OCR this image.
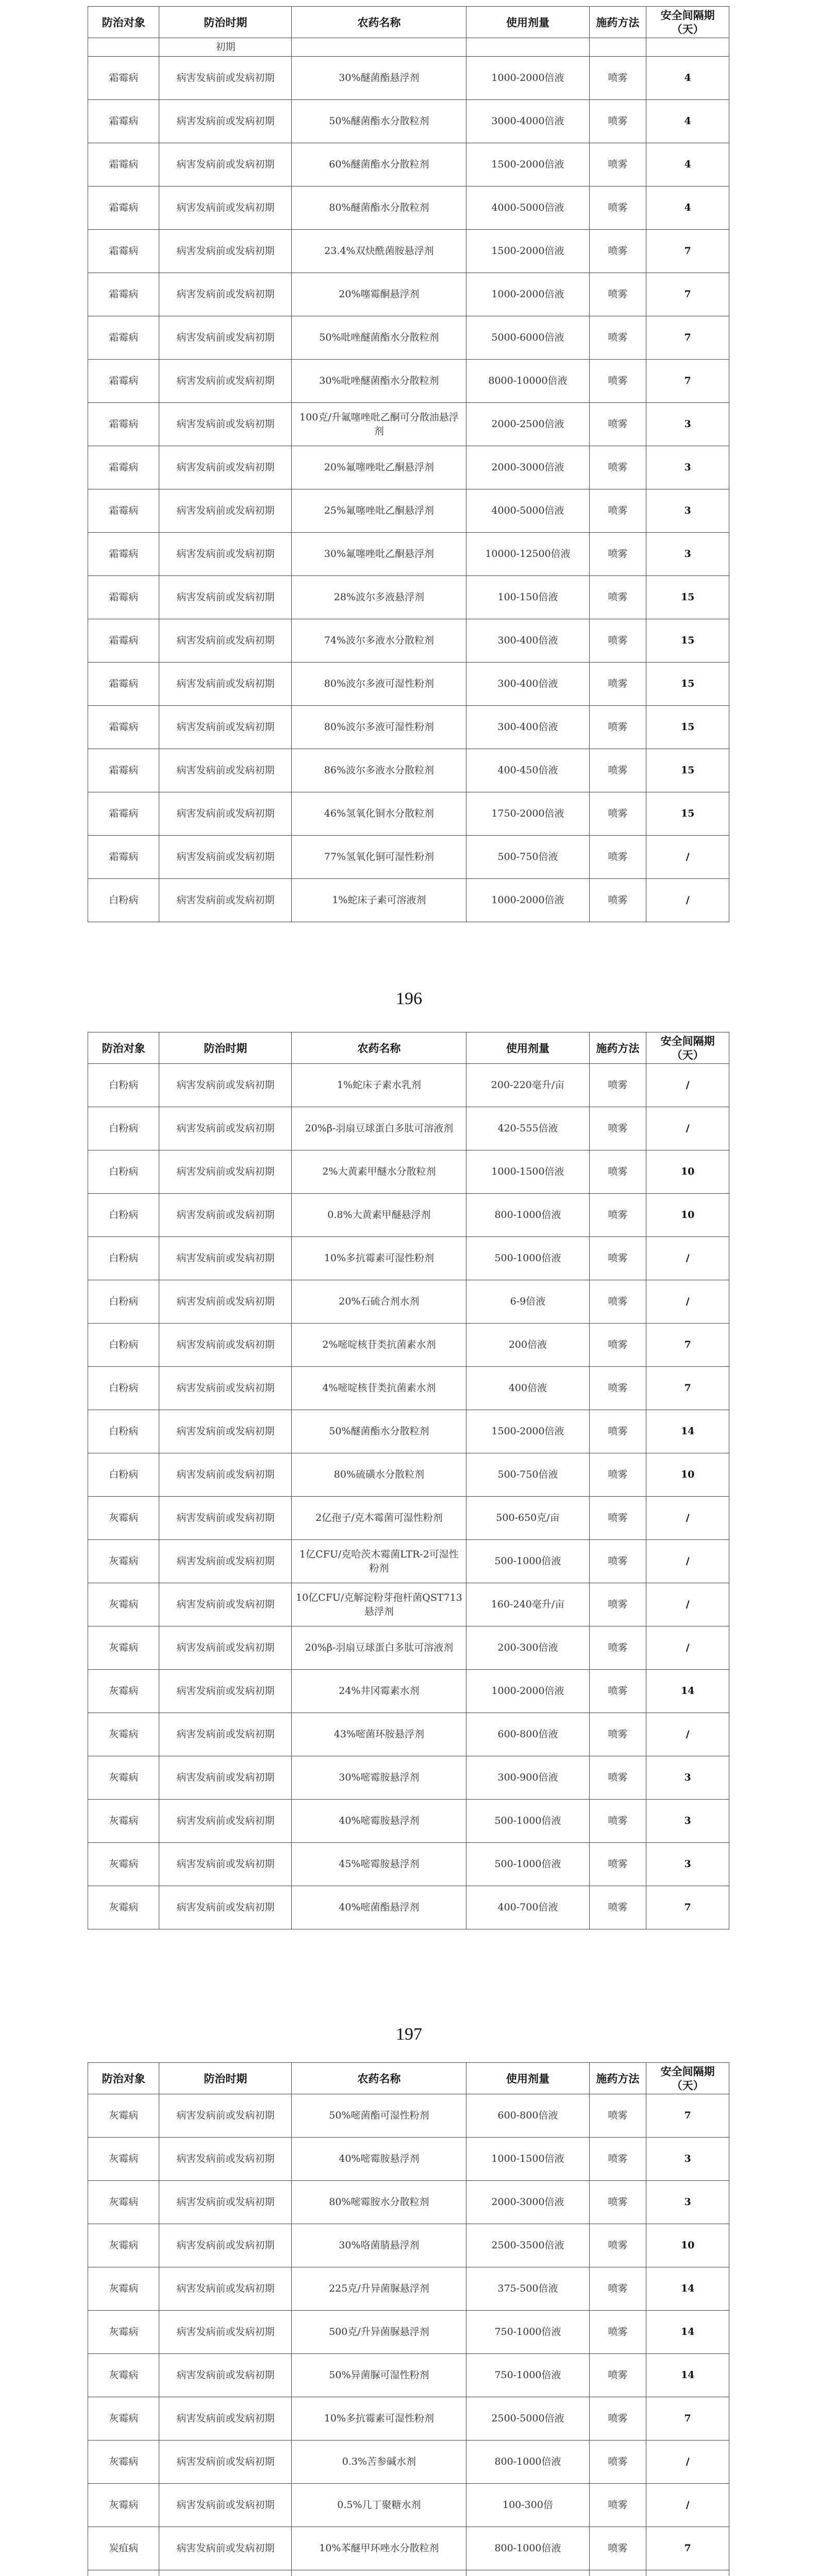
防治对象	防治时期	农药名称	使用剂量	施药方法	安全间隔期（天）
	初期				
霜霉病	病害发病前或发病初期	30%醚菌酯悬浮剂	1000-2000倍液	喷雾	4
霜霉病	病害发病前或发病初期	50%醚菌酯水分散粒剂	3000-4000倍液	喷雾	4
霜霉病	病害发病前或发病初期	60%醚菌酯水分散粒剂	1500-2000倍液	喷雾	4
霜霉病	病害发病前或发病初期	80%醚菌酯水分散粒剂	4000-5000倍液	喷雾	4
霜霉病	病害发病前或发病初期	23.4%双炔酰菌胺悬浮剂	1500-2000倍液	喷雾	7
霜霉病	病害发病前或发病初期	20%噻霉酮悬浮剂	1000-2000倍液	喷雾	7
霜霉病	病害发病前或发病初期	50%吡唑醚菌酯水分散粒剂	5000-6000倍液	喷雾	7
霜霉病	病害发病前或发病初期	30%吡唑醚菌酯水分散粒剂	8000-10000倍液	喷雾	7
霜霉病	病害发病前或发病初期	100克/升氟噻唑吡乙酮可分散油悬浮剂	2000-2500倍液	喷雾	3
霜霉病	病害发病前或发病初期	20%氟噻唑吡乙酮悬浮剂	2000-3000倍液	喷雾	3
霜霉病	病害发病前或发病初期	25%氟噻唑吡乙酮悬浮剂	4000-5000倍液	喷雾	3
霜霉病	病害发病前或发病初期	30%氟噻唑吡乙酮悬浮剂	10000-12500倍液	喷雾	3
霜霉病	病害发病前或发病初期	28%波尔多液悬浮剂	100-150倍液	喷雾	15
霜霉病	病害发病前或发病初期	74%波尔多液水分散粒剂	300-400倍液	喷雾	15
霜霉病	病害发病前或发病初期	80%波尔多液可湿性粉剂	300-400倍液	喷雾	15
霜霉病	病害发病前或发病初期	80%波尔多液可湿性粉剂	300-400倍液	喷雾	15
霜霉病	病害发病前或发病初期	86%波尔多液水分散粒剂	400-450倍液	喷雾	15
霜霉病	病害发病前或发病初期	46%氢氧化铜水分散粒剂	1750-2000倍液	喷雾	15
霜霉病	病害发病前或发病初期	77%氢氧化铜可湿性粉剂	500-750倍液	喷雾	/
白粉病	病害发病前或发病初期	1%蛇床子素可溶液剂	1000-2000倍液	喷雾	/
196
防治对象	防治时期	农药名称	使用剂量	施药方法	安全间隔期（天）
白粉病	病害发病前或发病初期	1%蛇床子素水乳剂	200-220毫升/亩	喷雾	/
白粉病	病害发病前或发病初期	20%β-羽扇豆球蛋白多肽可溶液剂	420-555倍液	喷雾	/
白粉病	病害发病前或发病初期	2%大黄素甲醚水分散粒剂	1000-1500倍液	喷雾	10
白粉病	病害发病前或发病初期	0.8%大黄素甲醚悬浮剂	800-1000倍液	喷雾	10
白粉病	病害发病前或发病初期	10%多抗霉素可湿性粉剂	500-1000倍液	喷雾	/
白粉病	病害发病前或发病初期	20%石硫合剂水剂	6-9倍液	喷雾	/
白粉病	病害发病前或发病初期	2%嘧啶核苷类抗菌素水剂	200倍液	喷雾	7
白粉病	病害发病前或发病初期	4%嘧啶核苷类抗菌素水剂	400倍液	喷雾	7
白粉病	病害发病前或发病初期	50%醚菌酯水分散粒剂	1500-2000倍液	喷雾	14
白粉病	病害发病前或发病初期	80%硫磺水分散粒剂	500-750倍液	喷雾	10
灰霉病	病害发病前或发病初期	2亿孢子/克木霉菌可湿性粉剂	500-650克/亩	喷雾	/
灰霉病	病害发病前或发病初期	1亿CFU/克哈茨木霉菌LTR-2可湿性粉剂	500-1000倍液	喷雾	/
灰霉病	病害发病前或发病初期	10亿CFU/克解淀粉芽孢杆菌QST713悬浮剂	160-240毫升/亩	喷雾	/
灰霉病	病害发病前或发病初期	20%β-羽扇豆球蛋白多肽可溶液剂	200-300倍液	喷雾	/
灰霉病	病害发病前或发病初期	24%井冈霉素水剂	1000-2000倍液	喷雾	14
灰霉病	病害发病前或发病初期	43%嘧菌环胺悬浮剂	600-800倍液	喷雾	/
灰霉病	病害发病前或发病初期	30%嘧霉胺悬浮剂	300-900倍液	喷雾	3
灰霉病	病害发病前或发病初期	40%嘧霉胺悬浮剂	500-1000倍液	喷雾	3
灰霉病	病害发病前或发病初期	45%嘧霉胺悬浮剂	500-1000倍液	喷雾	3
灰霉病	病害发病前或发病初期	40%嘧菌酯悬浮剂	400-700倍液	喷雾	7
197
防治对象	防治时期	农药名称	使用剂量	施药方法	安全间隔期（天）
灰霉病	病害发病前或发病初期	50%嘧菌酯可湿性粉剂	600-800倍液	喷雾	7
灰霉病	病害发病前或发病初期	40%嘧霉胺悬浮剂	1000-1500倍液	喷雾	3
灰霉病	病害发病前或发病初期	80%嘧霉胺水分散粒剂	2000-3000倍液	喷雾	3
灰霉病	病害发病前或发病初期	30%咯菌腈悬浮剂	2500-3500倍液	喷雾	10
灰霉病	病害发病前或发病初期	225克/升异菌脲悬浮剂	375-500倍液	喷雾	14
灰霉病	病害发病前或发病初期	500克/升异菌脲悬浮剂	750-1000倍液	喷雾	14
灰霉病	病害发病前或发病初期	50%异菌脲可湿性粉剂	750-1000倍液	喷雾	14
灰霉病	病害发病前或发病初期	10%多抗霉素可湿性粉剂	2500-5000倍液	喷雾	7
灰霉病	病害发病前或发病初期	0.3%苦参碱水剂	800-1000倍液	喷雾	/
灰霉病	病害发病前或发病初期	0.5%几丁聚糖水剂	100-300倍	喷雾	/
炭疽病	病害发病前或发病初期	10%苯醚甲环唑水分散粒剂	800-1000倍液	喷雾	7
